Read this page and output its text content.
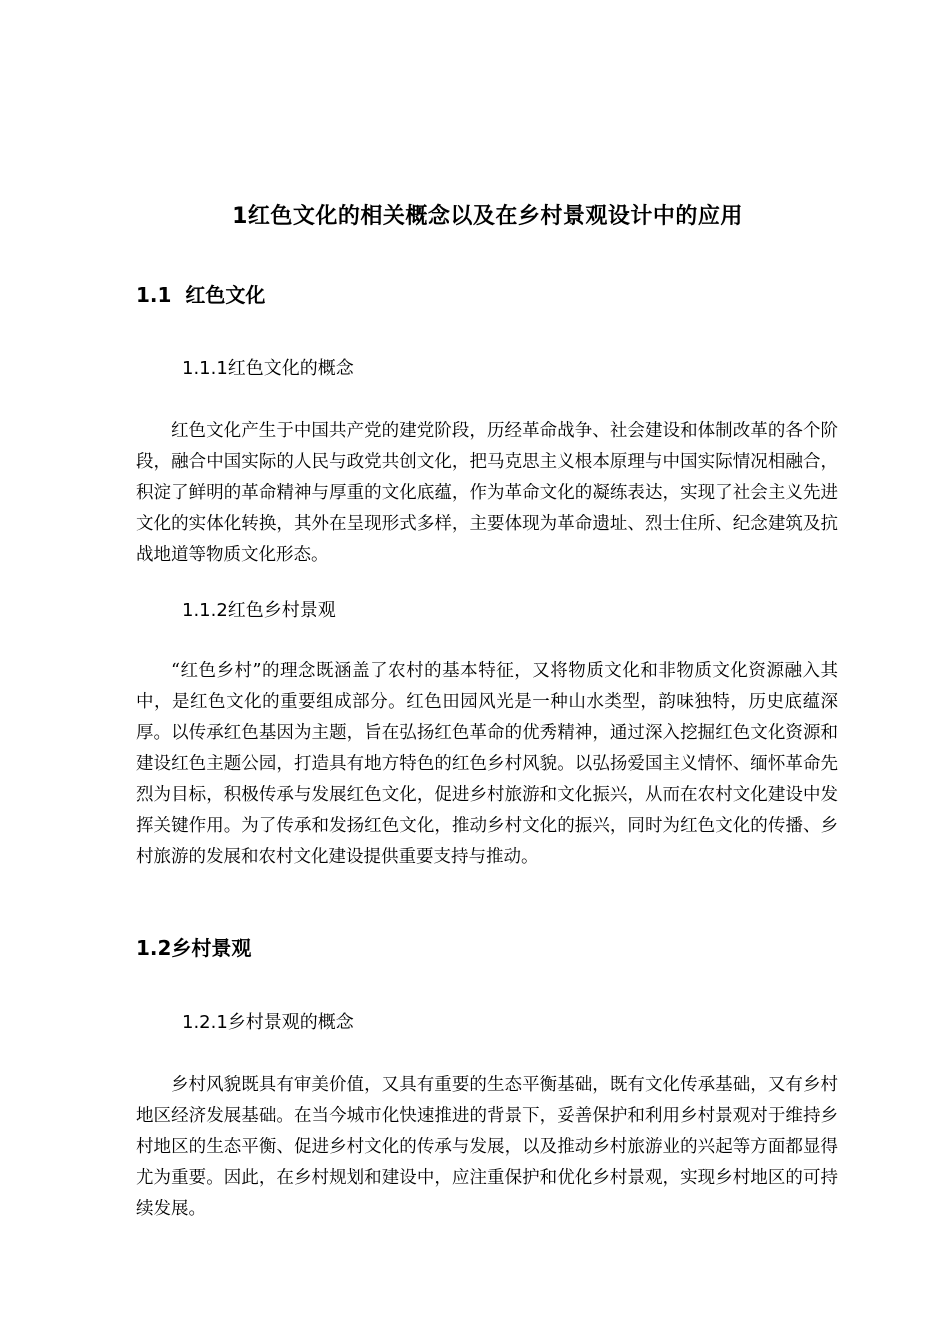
1红色文化的相关概念以及在乡村景观设计中的应用
1.1  红色文化
1.1.1红色文化的概念
红色文化产生于中国共产党的建党阶段，历经革命战争、社会建设和体制改革的各个阶段，融合中国实际的人民与政党共创文化，把马克思主义根本原理与中国实际情况相融合，积淀了鲜明的革命精神与厚重的文化底蕴，作为革命文化的凝练表达，实现了社会主义先进文化的实体化转换，其外在呈现形式多样，主要体现为革命遗址、烈士住所、纪念建筑及抗战地道等物质文化形态。
1.1.2红色乡村景观
“红色乡村”的理念既涵盖了农村的基本特征，又将物质文化和非物质文化资源融入其中，是红色文化的重要组成部分。红色田园风光是一种山水类型，韵味独特，历史底蕴深厚。以传承红色基因为主题，旨在弘扬红色革命的优秀精神，通过深入挖掘红色文化资源和建设红色主题公园，打造具有地方特色的红色乡村风貌。以弘扬爱国主义情怀、缅怀革命先烈为目标，积极传承与发展红色文化，促进乡村旅游和文化振兴，从而在农村文化建设中发挥关键作用。为了传承和发扬红色文化，推动乡村文化的振兴，同时为红色文化的传播、乡村旅游的发展和农村文化建设提供重要支持与推动。
1.2乡村景观
1.2.1乡村景观的概念
乡村风貌既具有审美价值，又具有重要的生态平衡基础，既有文化传承基础，又有乡村地区经济发展基础。在当今城市化快速推进的背景下，妥善保护和利用乡村景观对于维持乡村地区的生态平衡、促进乡村文化的传承与发展，以及推动乡村旅游业的兴起等方面都显得尤为重要。因此，在乡村规划和建设中，应注重保护和优化乡村景观，实现乡村地区的可持续发展。
